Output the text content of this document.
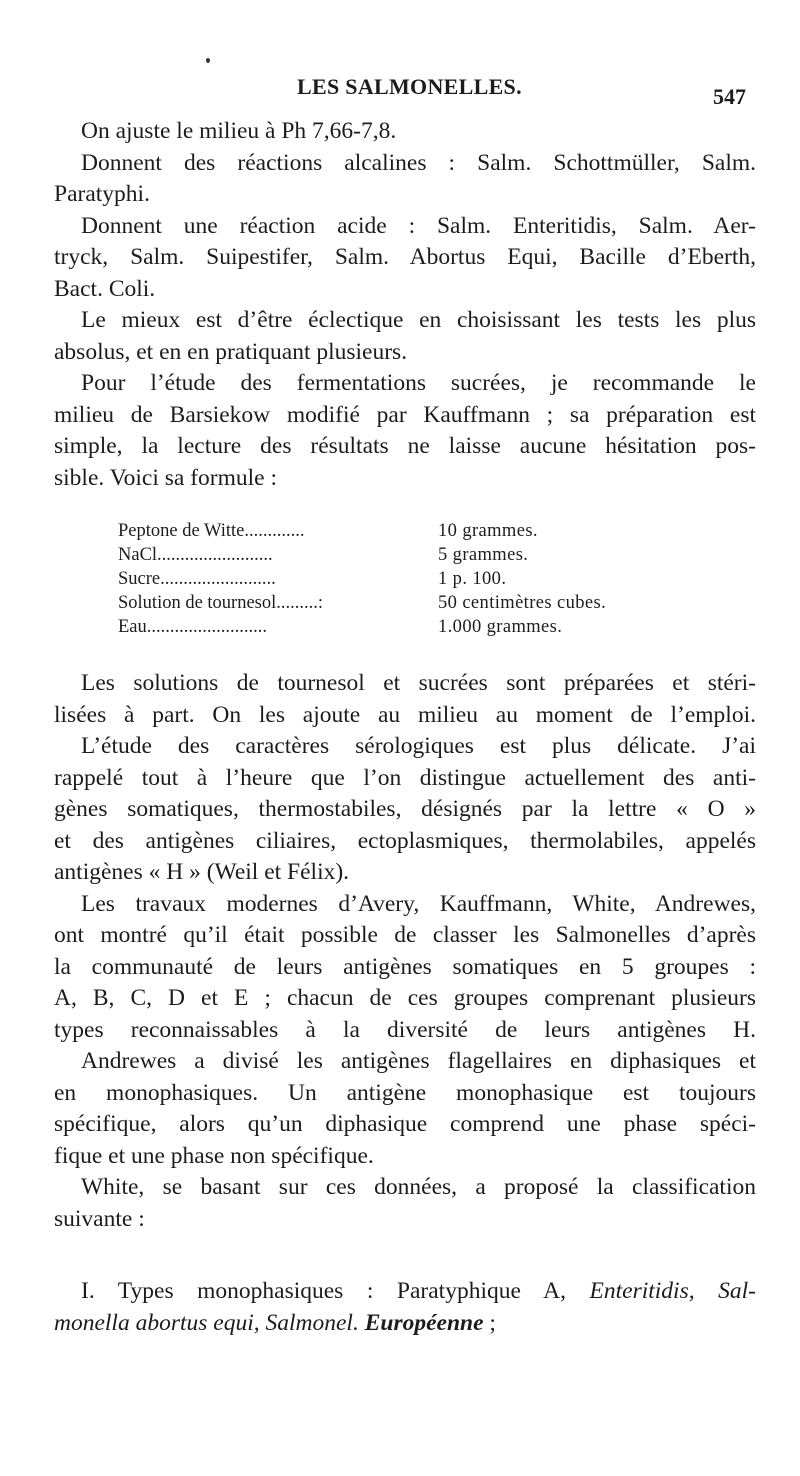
LES SALMONELLES.	547
On ajuste le milieu à Ph 7,66-7,8.
Donnent des réactions alcalines : Salm. Schottmüller, Salm.
Paratyphi.
Donnent une réaction acide : Salm. Enteritidis, Salm. Aer-
tryck, Salm. Suipestifer, Salm. Abortus Equi, Bacille d’Eberth,
Bact. Coli.
Le mieux est d’être éclectique en choisissant les tests les plus
absolus, et en en pratiquant plusieurs.
Pour l’étude des fermentations sucrées, je recommande le
milieu de Barsiekow modifié par Kauffmann ; sa préparation est
simple, la lecture des résultats ne laisse aucune hésitation pos-
sible. Voici sa formule :
Peptone de Witte.............	10 grammes.
NaCl.........................	5 grammes.
Sucre.........................	1 p. 100.
Solution de tournesol.........:	50 centimètres cubes.
Eau..........................	1.000 grammes.
Les solutions de tournesol et sucrées sont préparées et stéri-
lisées à part. On les ajoute au milieu au moment de l’emploi.
L’étude des caractères sérologiques est plus délicate. J’ai
rappelé tout à l’heure que l’on distingue actuellement des anti-
gènes somatiques, thermostabiles, désignés par la lettre « O »
et des antigènes ciliaires, ectoplasmiques, thermolabiles, appelés
antigènes « H » (Weil et Félix).
Les travaux modernes d’Avery, Kauffmann, White, Andrewes,
ont montré qu’il était possible de classer les Salmonelles d’après
la communauté de leurs antigènes somatiques en 5 groupes :
A, B, C, D et E ; chacun de ces groupes comprenant plusieurs
types reconnaissables à la diversité de leurs antigènes H.
Andrewes a divisé les antigènes flagellaires en diphasiques et
en monophasiques. Un antigène monophasique est toujours
spécifique, alors qu’un diphasique comprend une phase spéci-
fique et une phase non spécifique.
White, se basant sur ces données, a proposé la classification
suivante :
I. Types monophasiques : Paratyphique A, Enteritidis, Sal-
monella abortus equi, Salmonel. Européenne ;
